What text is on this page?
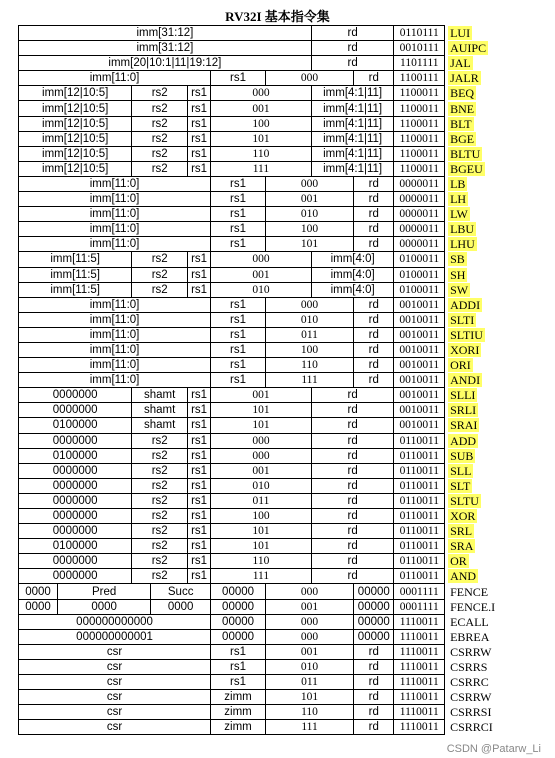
RV32I 基本指令集
imm[31:12]							rd		0110111	LUI
imm[31:12]							rd		0010111	AUIPC
imm[20|10:1|11|19:12]							rd		1101111	JAL
imm[11:0]					rs1	000		rd	1100111	JALR
imm[12|10:5]		rs2		rs1	000		imm[4:1|11]		1100011	BEQ
imm[12|10:5]		rs2		rs1	001		imm[4:1|11]		1100011	BNE
imm[12|10:5]		rs2		rs1	100		imm[4:1|11]		1100011	BLT
imm[12|10:5]		rs2		rs1	101		imm[4:1|11]		1100011	BGE
imm[12|10:5]		rs2		rs1	110		imm[4:1|11]		1100011	BLTU
imm[12|10:5]		rs2		rs1	111		imm[4:1|11]		1100011	BGEU
imm[11:0]					rs1	000		rd	0000011	LB
imm[11:0]					rs1	001		rd	0000011	LH
imm[11:0]					rs1	010		rd	0000011	LW
imm[11:0]					rs1	100		rd	0000011	LBU
imm[11:0]					rs1	101		rd	0000011	LHU
imm[11:5]		rs2		rs1	000		imm[4:0]		0100011	SB
imm[11:5]		rs2		rs1	001		imm[4:0]		0100011	SH
imm[11:5]		rs2		rs1	010		imm[4:0]		0100011	SW
imm[11:0]					rs1	000		rd	0010011	ADDI
imm[11:0]					rs1	010		rd	0010011	SLTI
imm[11:0]					rs1	011		rd	0010011	SLTIU
imm[11:0]					rs1	100		rd	0010011	XORI
imm[11:0]					rs1	110		rd	0010011	ORI
imm[11:0]					rs1	111		rd	0010011	ANDI
0000000		shamt		rs1	001		rd		0010011	SLLI
0000000		shamt		rs1	101		rd		0010011	SRLI
0100000		shamt		rs1	101		rd		0010011	SRAI
0000000		rs2		rs1	000		rd		0110011	ADD
0100000		rs2		rs1	000		rd		0110011	SUB
0000000		rs2		rs1	001		rd		0110011	SLL
0000000		rs2		rs1	010		rd		0110011	SLT
0000000		rs2		rs1	011		rd		0110011	SLTU
0000000		rs2		rs1	100		rd		0110011	XOR
0000000		rs2		rs1	101		rd		0110011	SRL
0100000		rs2		rs1	101		rd		0110011	SRA
0000000		rs2		rs1	110		rd		0110011	OR
0000000		rs2		rs1	111		rd		0110011	AND
0000	Pred		Succ		00000	000		00000	0001111	FENCE
0000	0000		0000		00000	001		00000	0001111	FENCE.I
000000000000					00000	000		00000	1110011	ECALL
000000000001					00000	000		00000	1110011	EBREA
csr					rs1	001		rd	1110011	CSRRW
csr					rs1	010		rd	1110011	CSRRS
csr					rs1	011		rd	1110011	CSRRC
csr					zimm	101		rd	1110011	CSRRW
csr					zimm	110		rd	1110011	CSRRSI
csr					zimm	111		rd	1110011	CSRRCI
CSDN @Patarw_Li
